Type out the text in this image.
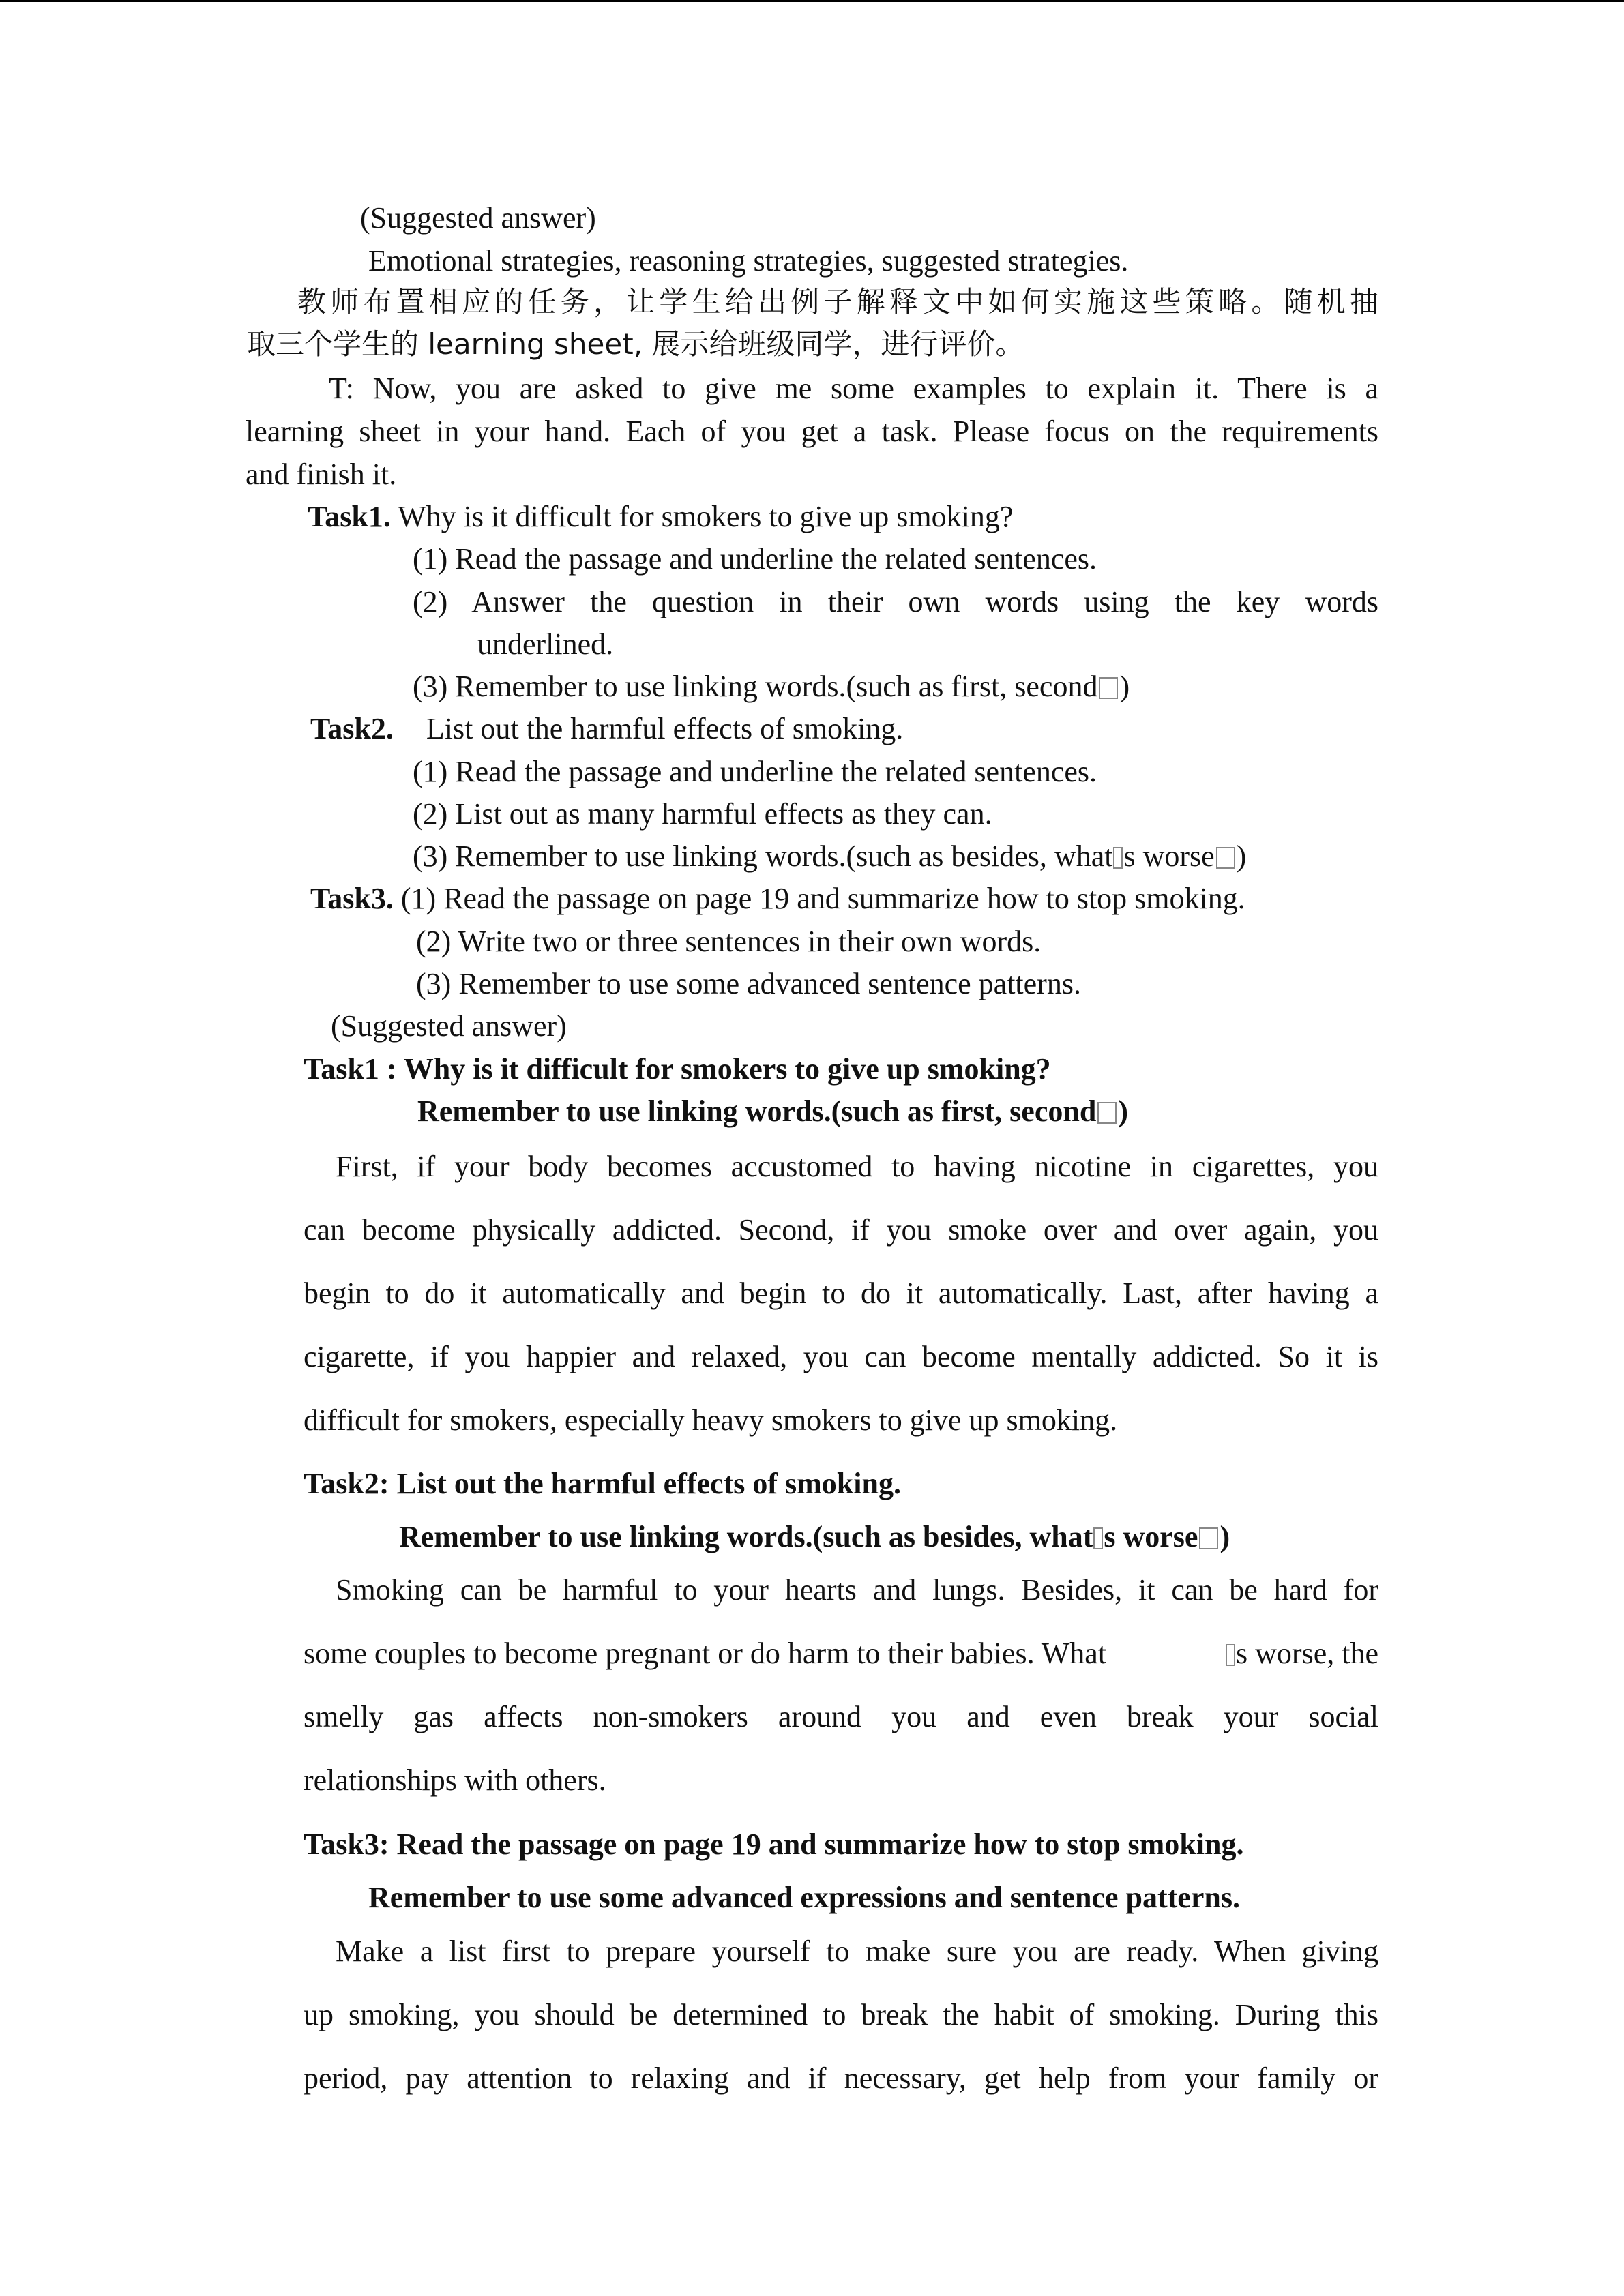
(Suggested answer)
Emotional strategies, reasoning strategies, suggested strategies.
教师布置相应的任务，让学生给出例子解释文中如何实施这些策略。随机抽
取三个学生的 learning sheet, 展示给班级同学，进行评价。
T: Now, you are asked to give me some examples to explain it. There is a
learning sheet in your hand. Each of you get a task. Please focus on the requirements
and finish it.
Task1. Why is it difficult for smokers to give up smoking?
(1) Read the passage and underline the related sentences.
(2) Answer the question in their own words using the key words
underlined.
(3) Remember to use linking words.(such as first, second )
Task2. List out the harmful effects of smoking.
(1) Read the passage and underline the related sentences.
(2) List out as many harmful effects as they can.
(3) Remember to use linking words.(such as besides, what s worse )
Task3. (1) Read the passage on page 19 and summarize how to stop smoking.
(2) Write two or three sentences in their own words.
(3) Remember to use some advanced sentence patterns.
(Suggested answer)
Task1 : Why is it difficult for smokers to give up smoking?
Remember to use linking words.(such as first, second )
First, if your body becomes accustomed to having nicotine in cigarettes, you
can become physically addicted. Second, if you smoke over and over again, you
begin to do it automatically and begin to do it automatically. Last, after having a
cigarette, if you happier and relaxed, you can become mentally addicted. So it is
difficult for smokers, especially heavy smokers to give up smoking.
Task2: List out the harmful effects of smoking.
Remember to use linking words.(such as besides, what s worse )
Smoking can be harmful to your hearts and lungs. Besides, it can be hard for
some couples to become pregnant or do harm to their babies. What	s worse, the
smelly gas affects non-smokers around you and even break your social
relationships with others.
Task3: Read the passage on page 19 and summarize how to stop smoking.
Remember to use some advanced expressions and sentence patterns.
Make a list first to prepare yourself to make sure you are ready. When giving
up smoking, you should be determined to break the habit of smoking. During this
period, pay attention to relaxing and if necessary, get help from your family or
